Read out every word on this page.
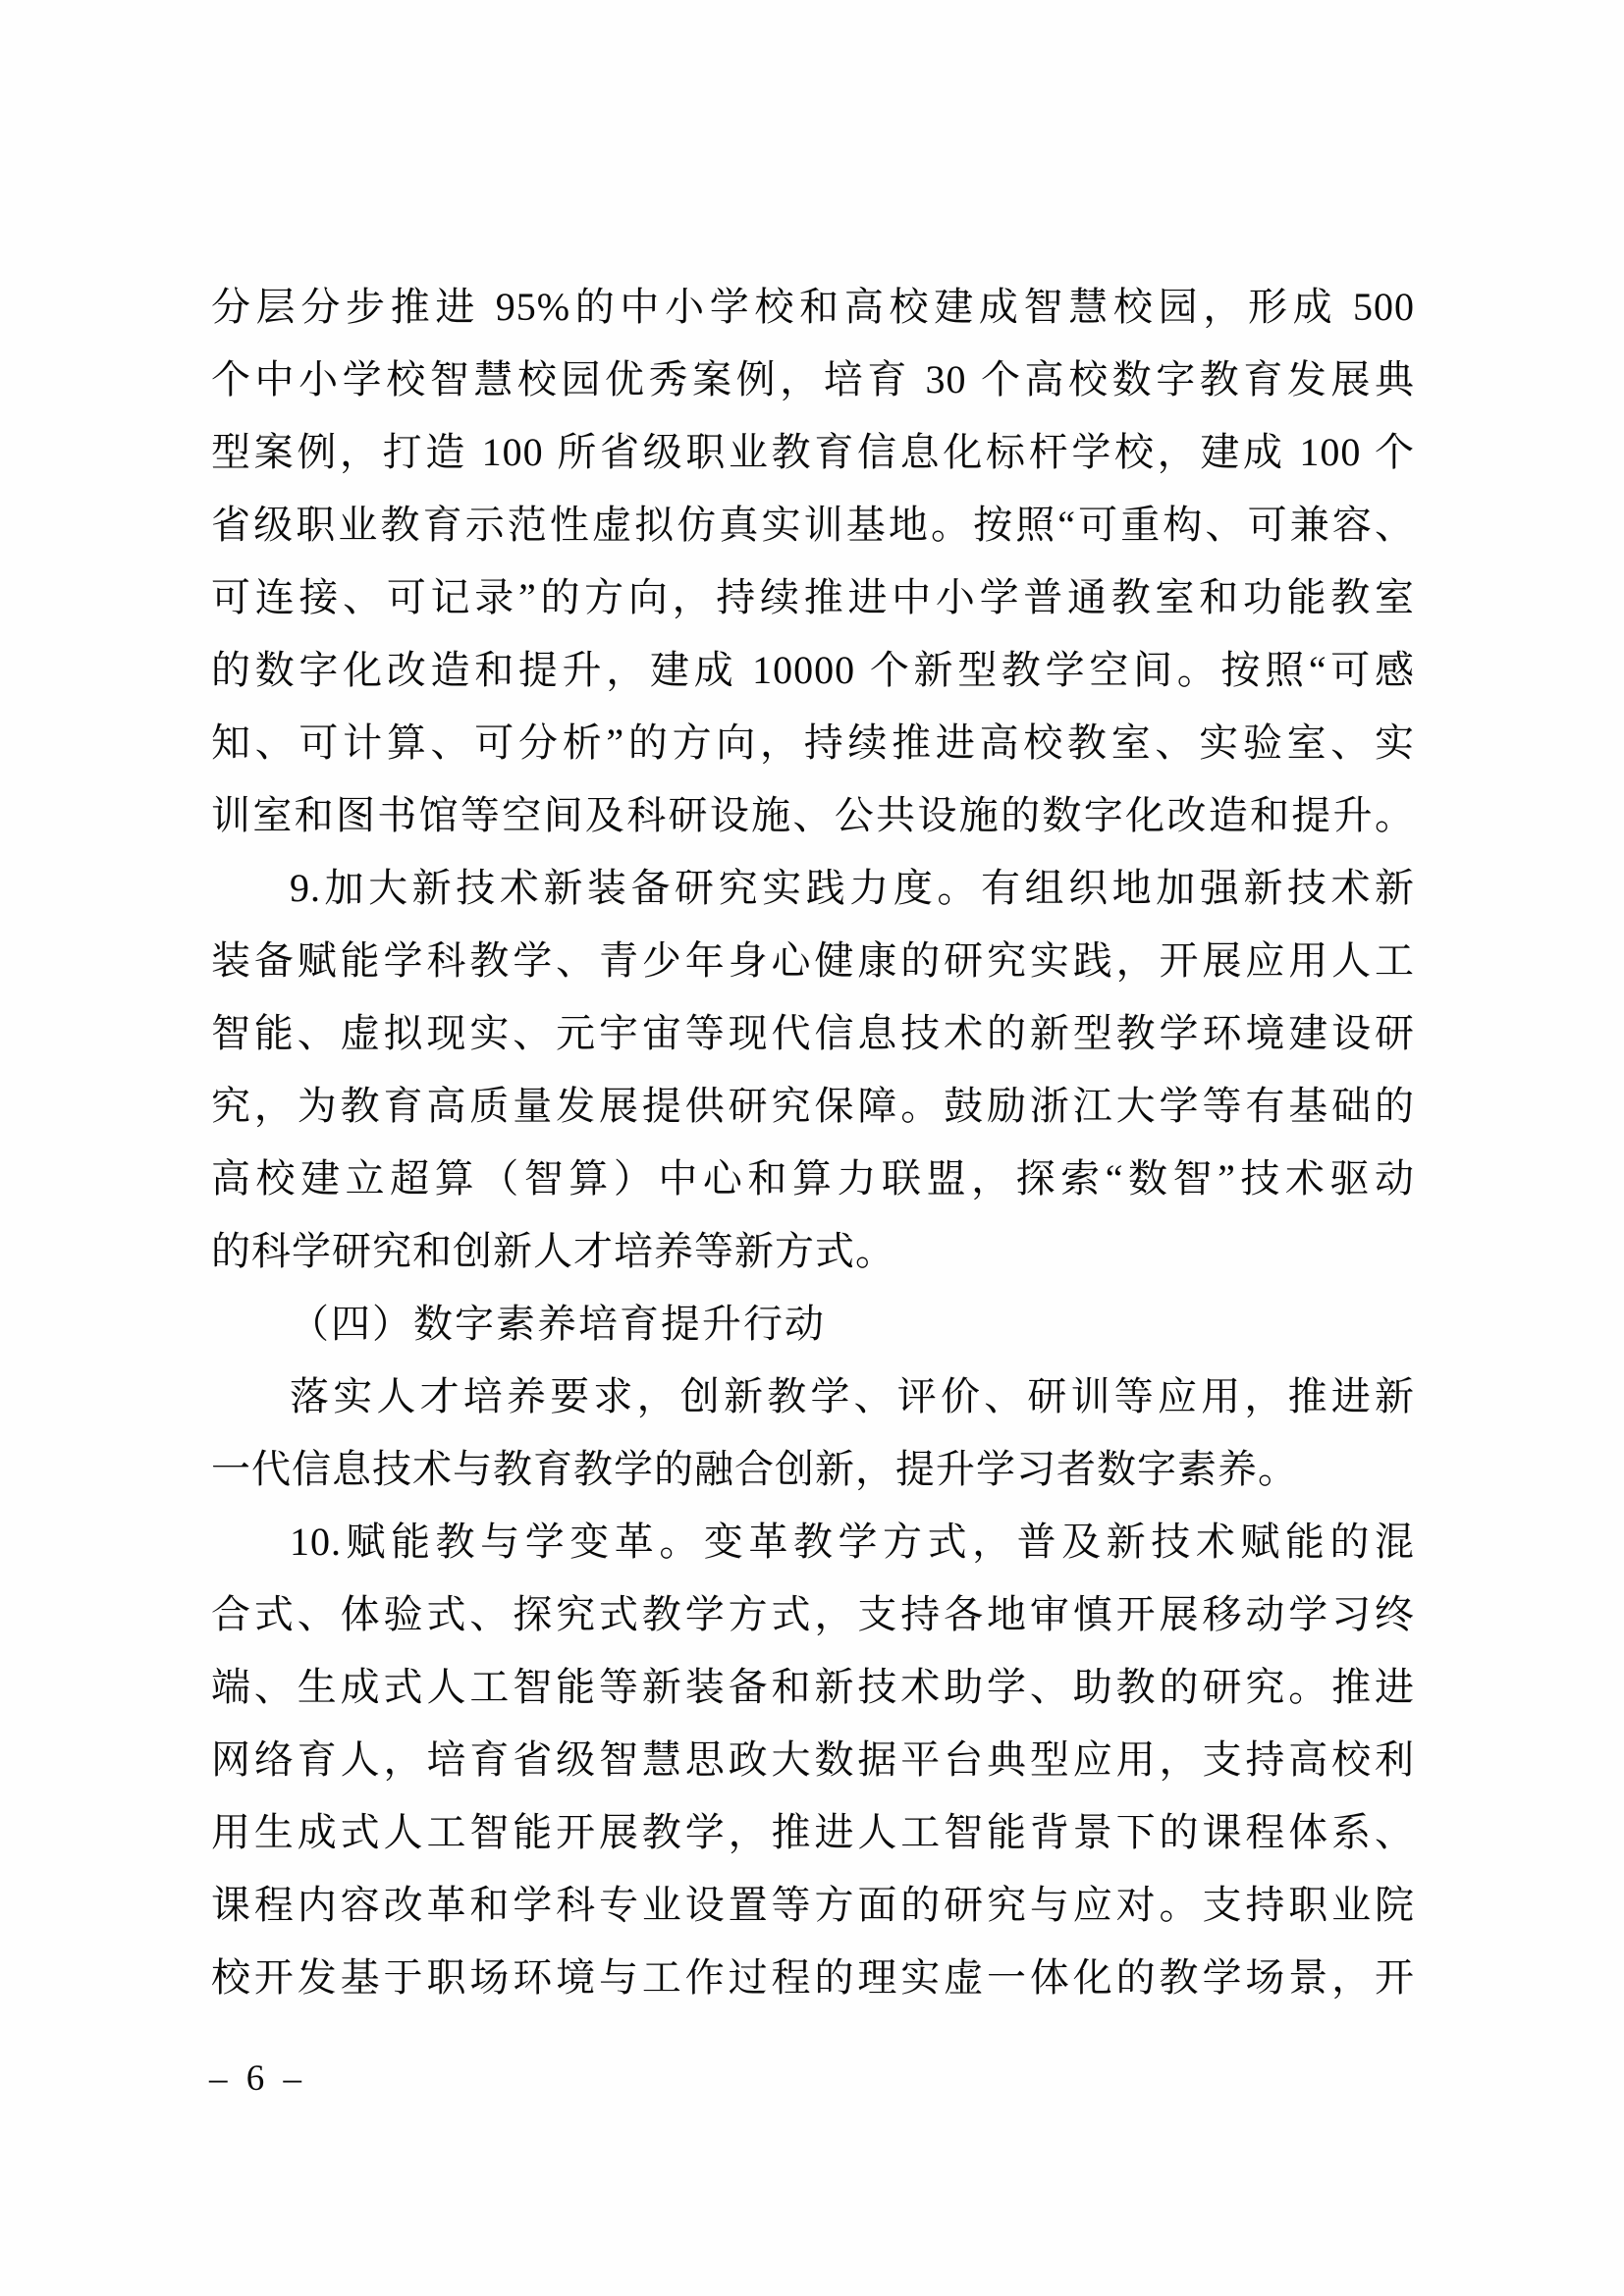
分层分步推进 95%的中小学校和高校建成智慧校园，形成 500
个中小学校智慧校园优秀案例，培育 30 个高校数字教育发展典
型案例，打造 100 所省级职业教育信息化标杆学校，建成 100 个
省级职业教育示范性虚拟仿真实训基地。按照“可重构、可兼容、
可连接、可记录”的方向，持续推进中小学普通教室和功能教室
的数字化改造和提升，建成 10000 个新型教学空间。按照“可感
知、可计算、可分析”的方向，持续推进高校教室、实验室、实
训室和图书馆等空间及科研设施、公共设施的数字化改造和提升。
9.加大新技术新装备研究实践力度。有组织地加强新技术新
装备赋能学科教学、青少年身心健康的研究实践，开展应用人工
智能、虚拟现实、元宇宙等现代信息技术的新型教学环境建设研
究，为教育高质量发展提供研究保障。鼓励浙江大学等有基础的
高校建立超算（智算）中心和算力联盟，探索“数智”技术驱动
的科学研究和创新人才培养等新方式。
（四）数字素养培育提升行动
落实人才培养要求，创新教学、评价、研训等应用，推进新
一代信息技术与教育教学的融合创新，提升学习者数字素养。
10.赋能教与学变革。变革教学方式，普及新技术赋能的混
合式、体验式、探究式教学方式，支持各地审慎开展移动学习终
端、生成式人工智能等新装备和新技术助学、助教的研究。推进
网络育人，培育省级智慧思政大数据平台典型应用，支持高校利
用生成式人工智能开展教学，推进人工智能背景下的课程体系、
课程内容改革和学科专业设置等方面的研究与应对。支持职业院
校开发基于职场环境与工作过程的理实虚一体化的教学场景，开
– 6 –
